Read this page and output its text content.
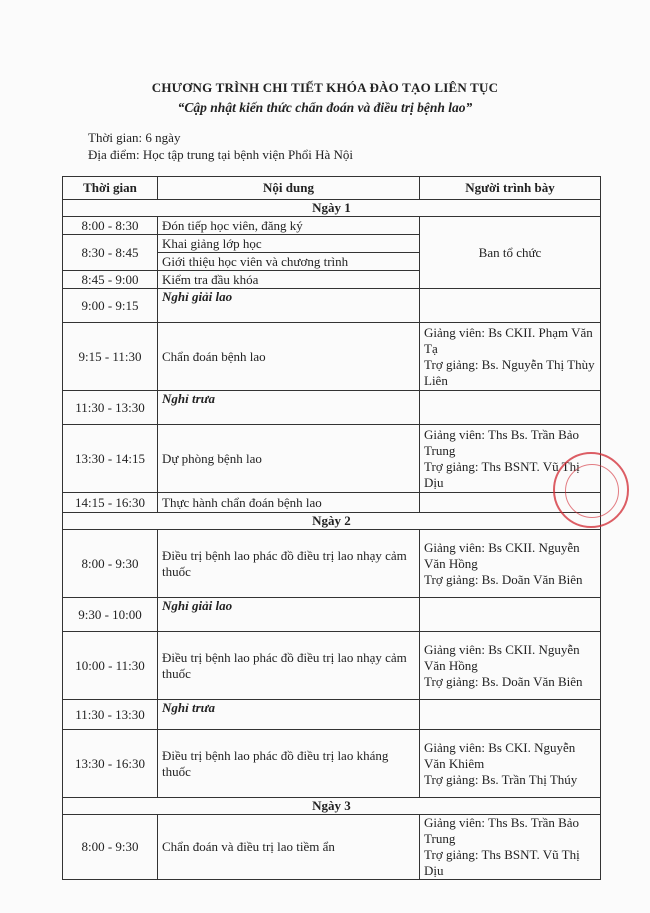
CHƯƠNG TRÌNH CHI TIẾT KHÓA ĐÀO TẠO LIÊN TỤC
“Cập nhật kiến thức chẩn đoán và điều trị bệnh lao”
Thời gian: 6 ngày
Địa điểm: Học tập trung tại bệnh viện Phổi Hà Nội
Thời gian	Nội dung	Người trình bày
Ngày 1		
8:00 - 8:30	Đón tiếp học viên, đăng ký	Ban tổ chức
8:30 - 8:45	Khai giảng lớp học	
	Giới thiệu học viên và chương trình	
8:45 - 9:00	Kiểm tra đầu khóa	
9:00 - 9:15	Nghỉ giải lao	
9:15 - 11:30	Chẩn đoán bệnh lao	Giảng viên: Bs CKII. Phạm Văn Tạ
Trợ giảng: Bs. Nguyễn Thị Thùy Liên

11:30 - 13:30	Nghỉ trưa	
13:30 - 14:15	Dự phòng bệnh lao	Giảng viên: Ths Bs. Trần Bảo Trung
Trợ giảng: Ths BSNT. Vũ Thị Dịu

14:15 - 16:30	Thực hành chẩn đoán bệnh lao	
Ngày 2		
8:00 - 9:30	Điều trị bệnh lao phác đồ điều trị lao nhạy cảm thuốc	Giảng viên: Bs CKII. Nguyễn Văn Hồng
Trợ giảng: Bs. Doãn Văn Biên

9:30 - 10:00	Nghỉ giải lao	
10:00 - 11:30	Điều trị bệnh lao phác đồ điều trị lao nhạy cảm thuốc	Giảng viên: Bs CKII. Nguyễn Văn Hồng
Trợ giảng: Bs. Doãn Văn Biên

11:30 - 13:30	Nghỉ trưa	
13:30 - 16:30	Điều trị bệnh lao phác đồ điều trị lao kháng thuốc	Giảng viên: Bs CKI. Nguyễn Văn Khiêm
Trợ giảng: Bs. Trần Thị Thúy

Ngày 3		
8:00 - 9:30	Chẩn đoán và điều trị lao tiềm ẩn	Giảng viên: Ths Bs. Trần Bảo Trung
Trợ giảng: Ths BSNT. Vũ Thị Dịu
